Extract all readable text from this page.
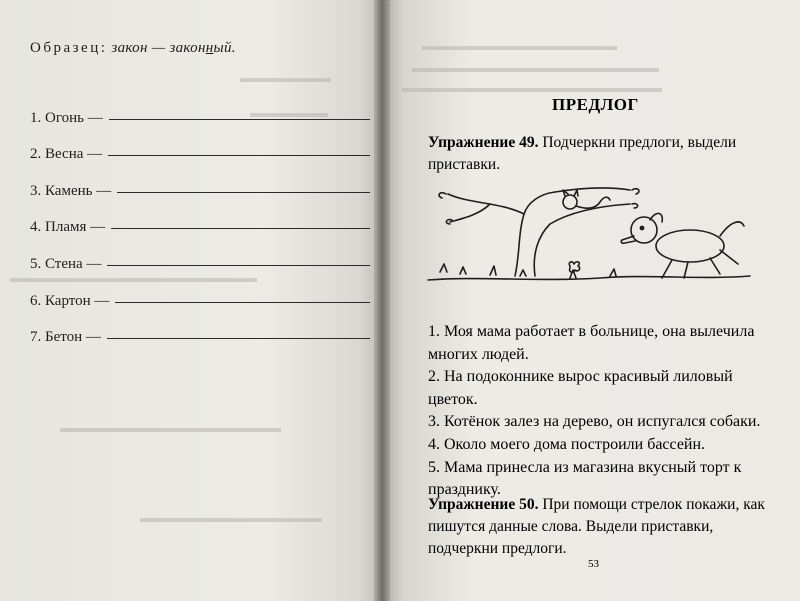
▬▬▬▬▬▬▬
▬▬▬▬▬▬
▬▬▬▬▬▬▬▬▬▬▬▬▬▬▬▬▬▬▬
▬▬▬▬▬▬▬▬▬▬▬▬▬▬▬▬▬
▬▬▬▬▬▬▬▬▬▬▬▬▬▬
Образец: закон — законный.
1. Огонь —
2. Весна —
3. Камень —
4. Пламя —
5. Стена —
6. Картон —
7. Бетон —
▬▬▬▬▬▬▬▬▬▬▬▬▬▬▬
▬▬▬▬▬▬▬▬▬▬▬▬▬▬▬▬▬▬▬
▬▬▬▬▬▬▬▬▬▬▬▬▬▬▬▬▬▬▬▬
ПРЕДЛОГ
Упражнение 49. Подчеркни предлоги, выдели приставки.

1. Моя мама работает в больнице, она вылечила многих людей.

2. На подоконнике вырос красивый лиловый цветок.

3. Котёнок залез на дерево, он испугался собаки.

4. Около моего дома построили бассейн.

5. Мама принесла из магазина вкусный торт к празднику.

Упражнение 50. При помощи стрелок покажи, как пишутся данные слова. Выдели приставки, подчеркни предлоги.
53
